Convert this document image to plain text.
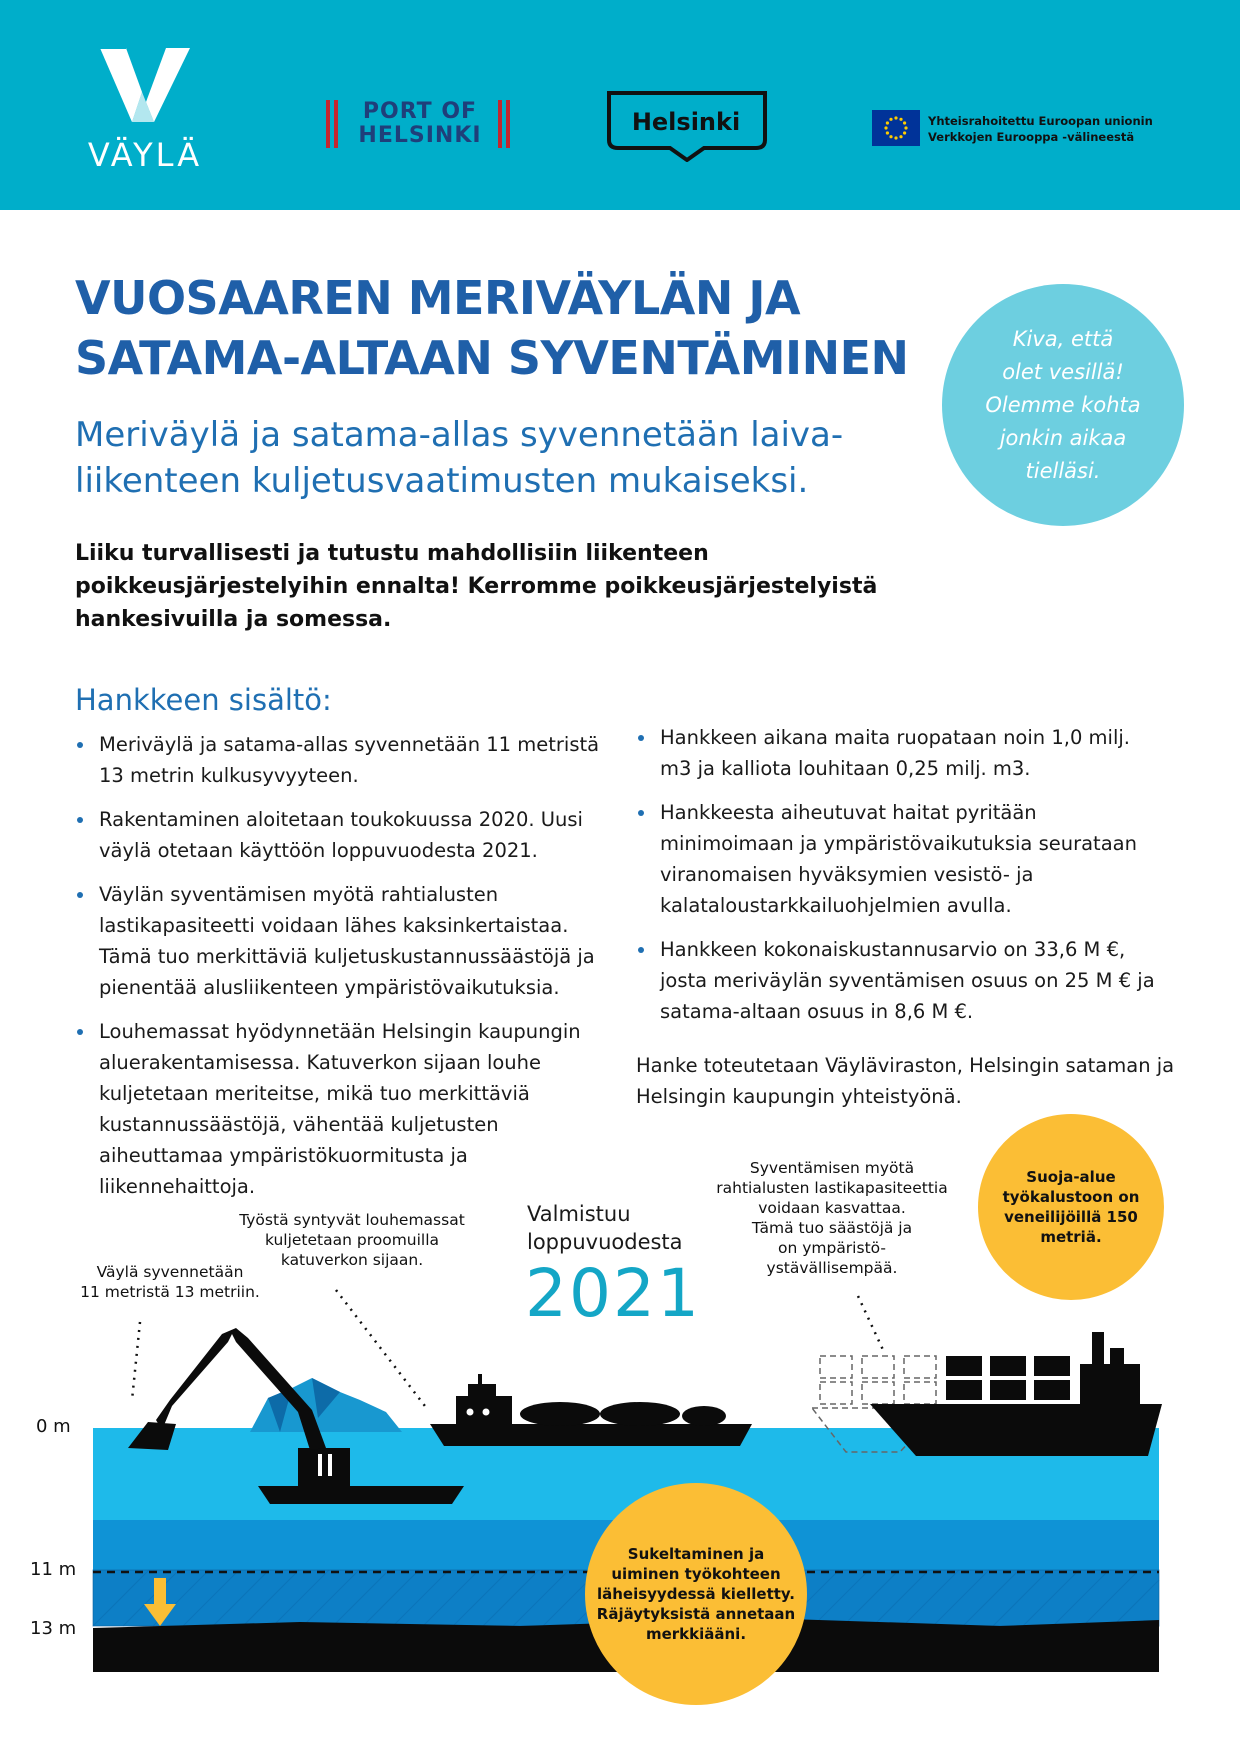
VÄYLÄ
PORT OF
HELSINKI	Helsinki	Yhteisrahoitettu Euroopan unionin
Verkkojen Eurooppa -välineestä
VUOSAAREN MERIVÄYLÄN JA
SATAMA-ALTAAN SYVENTÄMINEN
Meriväylä ja satama-allas syvennetään laiva-
liikenteen kuljetusvaatimusten mukaiseksi.
Kiva, että
olet vesillä!
Olemme kohta
jonkin aikaa
tielläsi.

Liiku turvallisesti ja tutustu mahdollisiin liikenteen poikkeusjärjestelyihin ennalta! Kerromme poikkeusjärjestelyistä hankesivuilla ja somessa.

Hankkeen sisältö:
Meriväylä ja satama-allas syvennetään 11 metristä 13 metrin kulkusyvyyteen.
Rakentaminen aloitetaan toukokuussa 2020. Uusi väylä otetaan käyttöön loppuvuodesta 2021.
Väylän syventämisen myötä rahtialusten lastikapasiteetti voidaan lähes kaksinkertaistaa. Tämä tuo merkittäviä kuljetuskustannussäästöjä ja pienentää alusliikenteen ympäristövaikutuksia.
Louhemassat hyödynnetään Helsingin kaupungin aluerakentamisessa. Katuverkon sijaan louhe kuljetetaan meriteitse, mikä tuo merkittäviä kustannussäästöjä, vähentää kuljetusten aiheuttamaa ympäristökuormitusta ja liikennehaittoja.
Hankkeen aikana maita ruopataan noin 1,0 milj. m3 ja kalliota louhitaan 0,25 milj. m3.
Hankkeesta aiheutuvat haitat pyritään minimoimaan ja ympäristövaikutuksia seurataan viranomaisen hyväksymien vesistö- ja kalataloustarkkailuohjelmien avulla.
Hankkeen kokonaiskustannusarvio on 33,6 M €, josta meriväylän syventämisen osuus on 25 M € ja satama-altaan osuus in 8,6 M €.

Hanke toteutetaan Väyläviraston, Helsingin sataman ja Helsingin kaupungin yhteistyönä.

Väylä syvennetään
11 metristä 13 metriin.
Työstä syntyvät louhemassat
kuljetetaan proomuilla
katuverkon sijaan.
Valmistuu
loppuvuodesta
2021
Syventämisen myötä
rahtialusten lastikapasiteettia
voidaan kasvattaa.
Tämä tuo säästöjä ja
on ympäristö-
ystävällisempää.
Suoja-alue
työkalustoon on
veneilijöillä 150
metriä.
Sukeltaminen ja
uiminen työkohteen
läheisyydessä kielletty.
Räjäytyksistä annetaan
merkkiääni.
0 m
11 m
13 m
